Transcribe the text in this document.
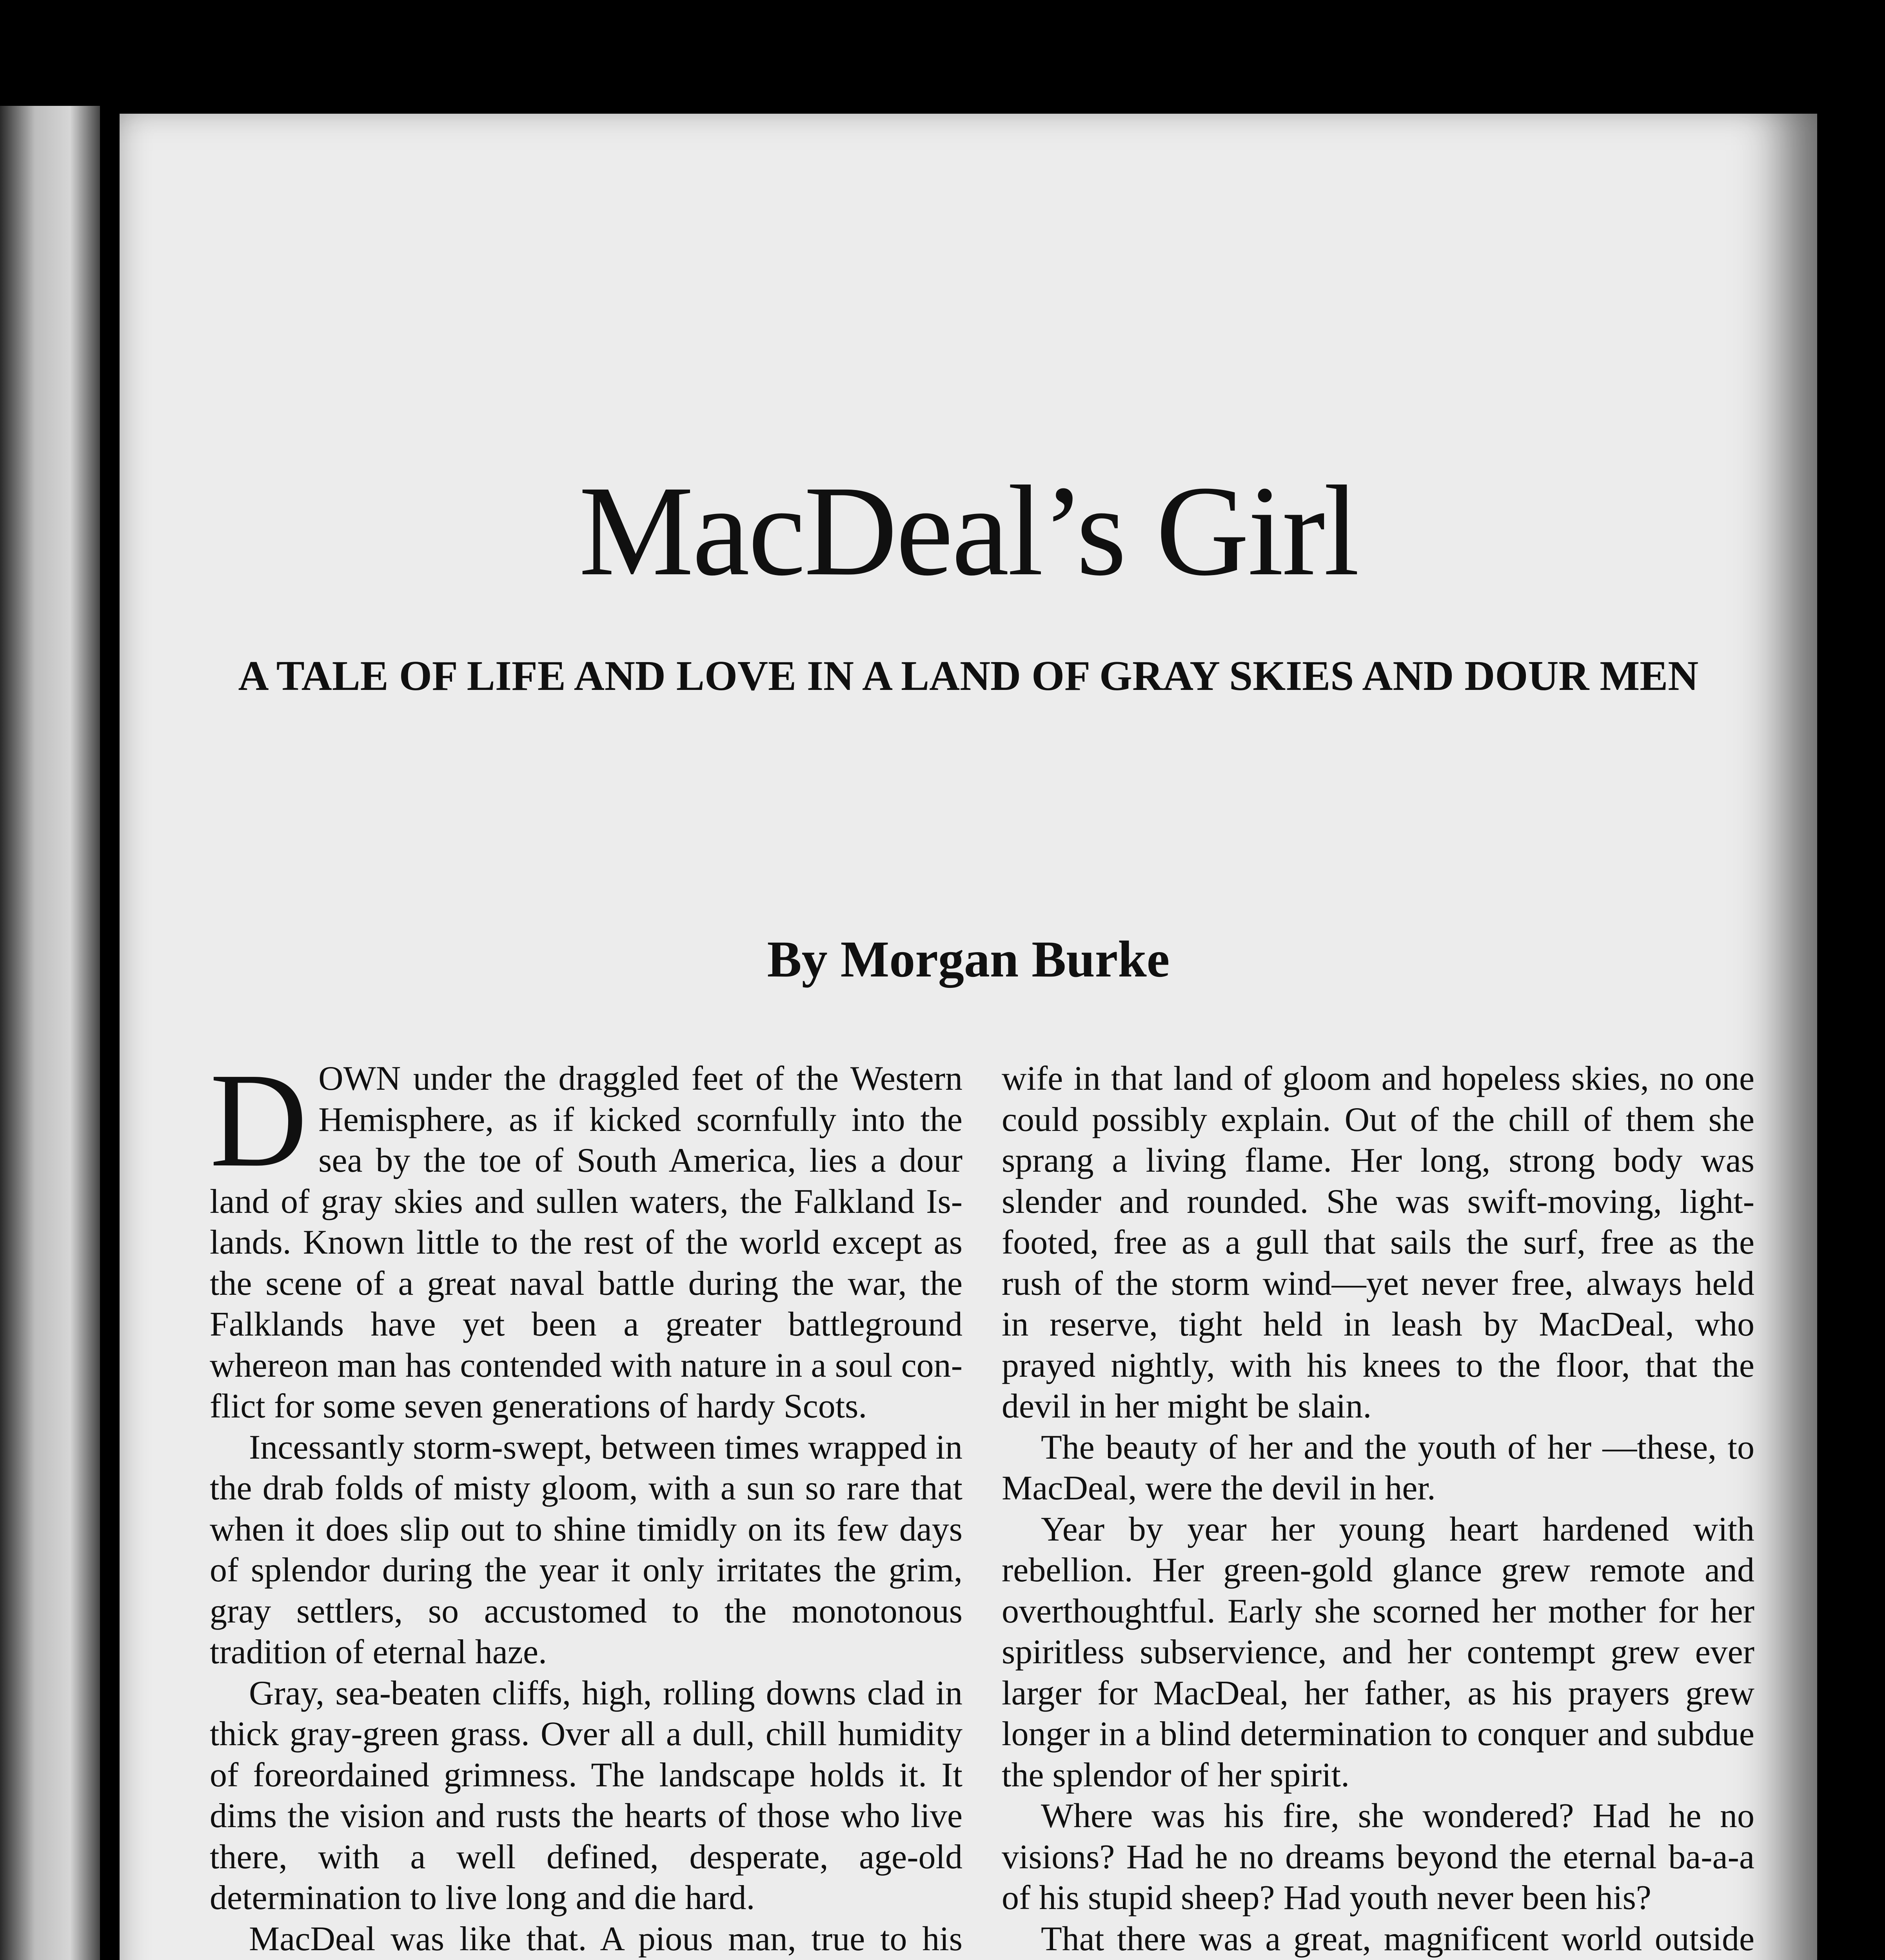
MacDeal’s Girl
A TALE OF LIFE AND LOVE IN A LAND OF GRAY SKIES AND DOUR MEN
By Morgan Burke

DOWN under the draggled feet of the Western Hemisphere, as if kicked scornfully into the sea by the toe of South America, lies a dour land of gray skies and sullen waters, the Falkland Islands. Known little to the rest of the world except as the scene of a great naval battle during the war, the Falklands have yet been a greater battleground whereon man has contended with nature in a soul conflict for some seven generations of hardy Scots.

Incessantly storm-swept, between times wrapped in the drab folds of misty gloom, with a sun so rare that when it does slip out to shine timidly on its few days of splendor during the year it only irritates the grim, gray settlers, so accustomed to the monotonous tradition of eternal haze.

Gray, sea-beaten cliffs, high, rolling downs clad in thick gray-green grass. Over all a dull, chill humidity of foreordained grimness. The landscape holds it. It dims the vision and rusts the hearts of those who live there, with a well defined, desperate, age-old determination to live long and die hard.

MacDeal was like that. A pious man, true to his

wife in that land of gloom and hopeless skies, no one could possibly explain. Out of the chill of them she sprang a living flame. Her long, strong body was slender and rounded. She was swift-moving, light-footed, free as a gull that sails the surf, free as the rush of the storm wind—yet never free, always held in reserve, tight held in leash by MacDeal, who prayed nightly, with his knees to the floor, that the devil in her might be slain.

The beauty of her and the youth of her —these, to MacDeal, were the devil in her.

Year by year her young heart hardened with rebellion. Her green-gold glance grew remote and overthoughtful. Early she scorned her mother for her spiritless subservience, and her contempt grew ever larger for MacDeal, her father, as his prayers grew longer in a blind determination to conquer and subdue the splendor of her spirit.

Where was his fire, she wondered? Had he no visions? Had he no dreams beyond the eternal ba-a-a of his stupid sheep? Had youth never been his?

That there was a great, magnificent world outside
